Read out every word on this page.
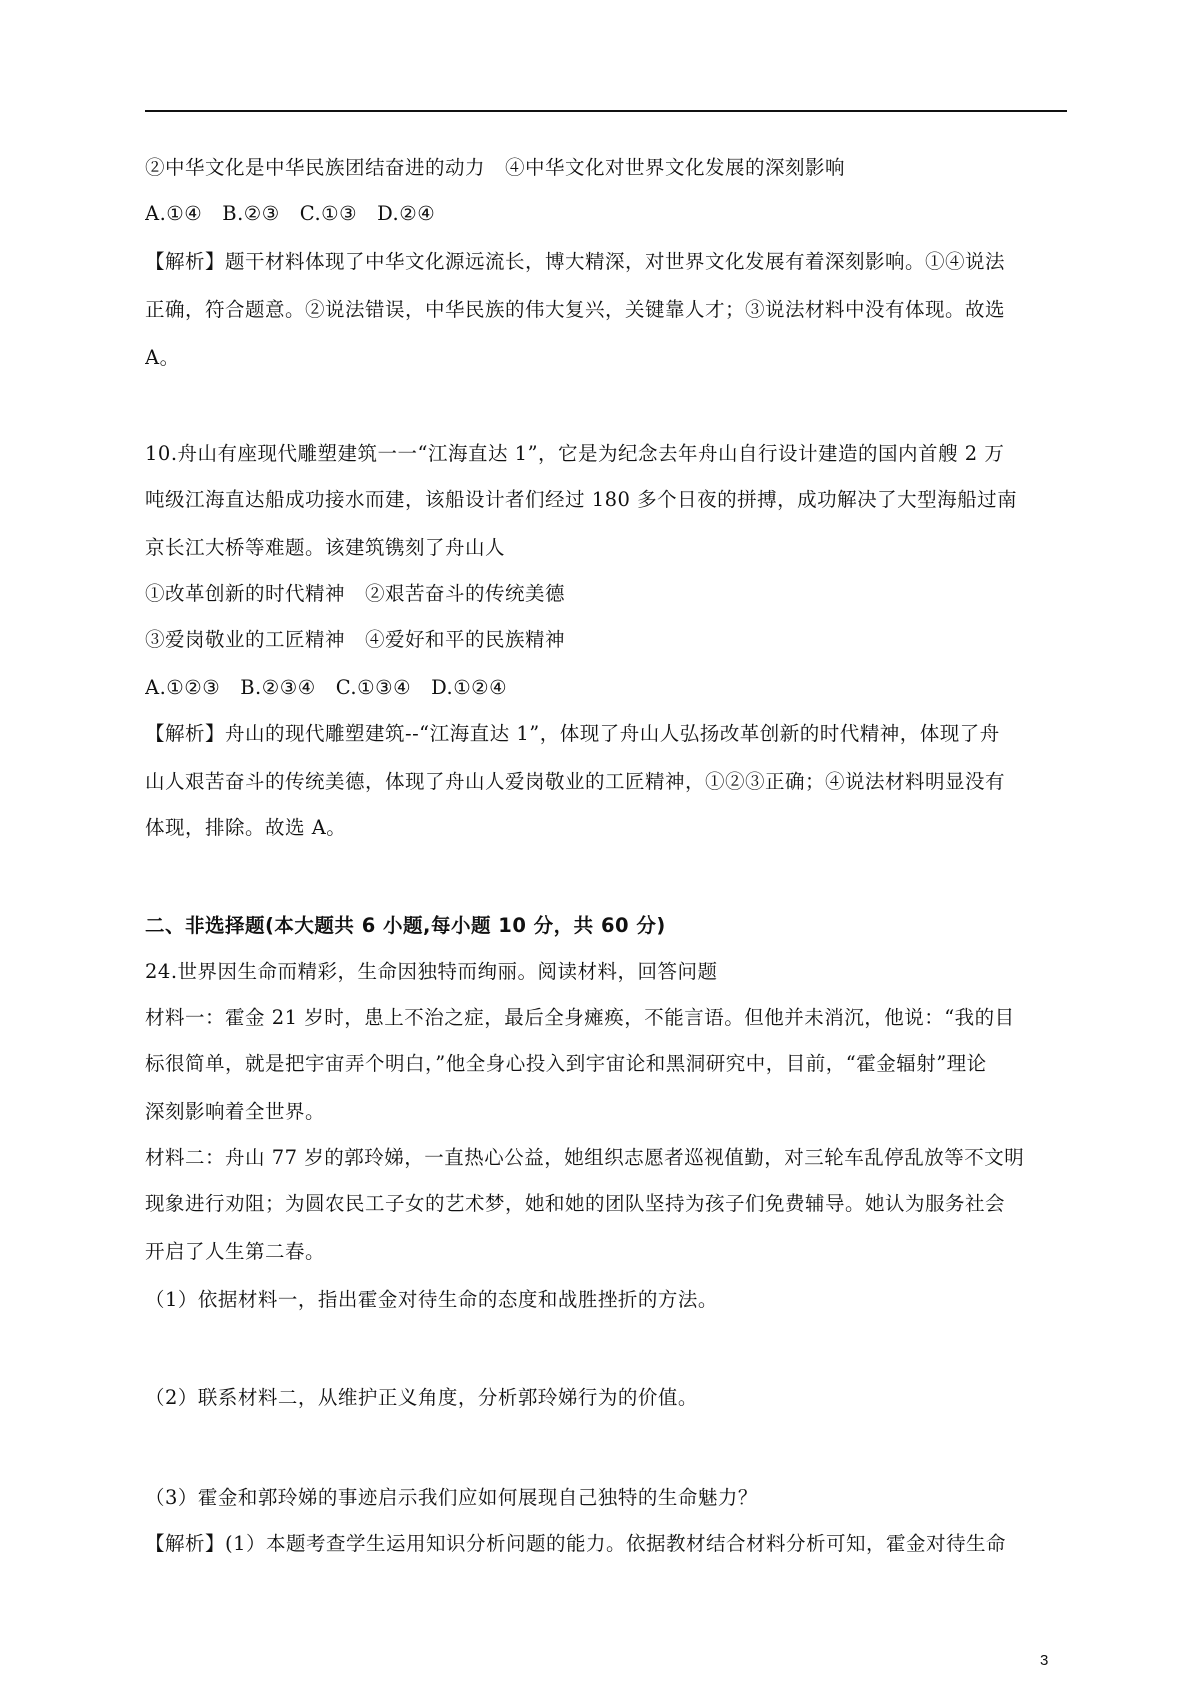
②中华文化是中华民族团结奋进的动力　④中华文化对世界文化发展的深刻影响
A.①④　B.②③　C.①③　D.②④
【解析】题干材料体现了中华文化源远流长，博大精深，对世界文化发展有着深刻影响。①④说法
正确，符合题意。②说法错误，中华民族的伟大复兴，关键靠人才；③说法材料中没有体现。故选
A。
10.舟山有座现代雕塑建筑一一“江海直达 1”，它是为纪念去年舟山自行设计建造的国内首艘 2 万
吨级江海直达船成功接水而建，该船设计者们经过 180 多个日夜的拼搏，成功解决了大型海船过南
京长江大桥等难题。该建筑镌刻了舟山人
①改革创新的时代精神　②艰苦奋斗的传统美德
③爱岗敬业的工匠精神　④爱好和平的民族精神
A.①②③　B.②③④　C.①③④　D.①②④
【解析】舟山的现代雕塑建筑--“江海直达 1”，体现了舟山人弘扬改革创新的时代精神，体现了舟
山人艰苦奋斗的传统美德，体现了舟山人爱岗敬业的工匠精神，①②③正确；④说法材料明显没有
体现，排除。故选 A。
二、非选择题(本大题共 6 小题,每小题 10 分，共 60 分)
24.世界因生命而精彩，生命因独特而绚丽。阅读材料，回答问题
材料一：霍金 21 岁时，患上不治之症，最后全身瘫痪，不能言语。但他并未消沉，他说：“我的目
标很简单，就是把宇宙弄个明白，”他全身心投入到宇宙论和黑洞研究中，目前，“霍金辐射”理论
深刻影响着全世界。
材料二：舟山 77 岁的郭玲娣，一直热心公益，她组织志愿者巡视值勤，对三轮车乱停乱放等不文明
现象进行劝阻；为圆农民工子女的艺术梦，她和她的团队坚持为孩子们免费辅导。她认为服务社会
开启了人生第二春。
（1）依据材料一，指出霍金对待生命的态度和战胜挫折的方法。
（2）联系材料二，从维护正义角度，分析郭玲娣行为的价值。
（3）霍金和郭玲娣的事迹启示我们应如何展现自己独特的生命魅力？
【解析】(1）本题考查学生运用知识分析问题的能力。依据教材结合材料分析可知，霍金对待生命
3
